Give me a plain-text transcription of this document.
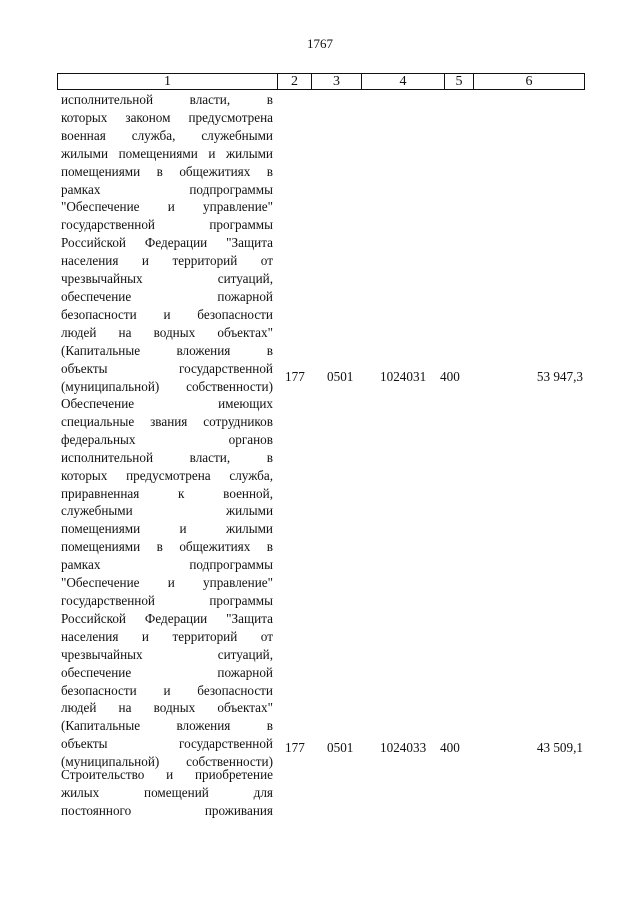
1767
1	2	3	4	5	6
исполнительной власти, в
которых законом предусмотрена
военная служба, служебными
жилыми помещениями и жилыми
помещениями в общежитиях в
рамках подпрограммы
"Обеспечение и управление"
государственной программы
Российской Федерации "Защита
населения и территорий от
чрезвычайных ситуаций,
обеспечение пожарной
безопасности и безопасности
людей на водных объектах"
(Капитальные вложения в
объекты государственной
(муниципальной) собственности)
177 0501 1024031 400	53 947,3
Обеспечение имеющих
специальные звания сотрудников
федеральных органов
исполнительной власти, в
которых предусмотрена служба,
приравненная к военной,
служебными жилыми
помещениями и жилыми
помещениями в общежитиях в
рамках подпрограммы
"Обеспечение и управление"
государственной программы
Российской Федерации "Защита
населения и территорий от
чрезвычайных ситуаций,
обеспечение пожарной
безопасности и безопасности
людей на водных объектах"
(Капитальные вложения в
объекты государственной
(муниципальной) собственности)
177 0501 1024033 400	43 509,1
Строительство и приобретение
жилых помещений для
постоянного проживания
